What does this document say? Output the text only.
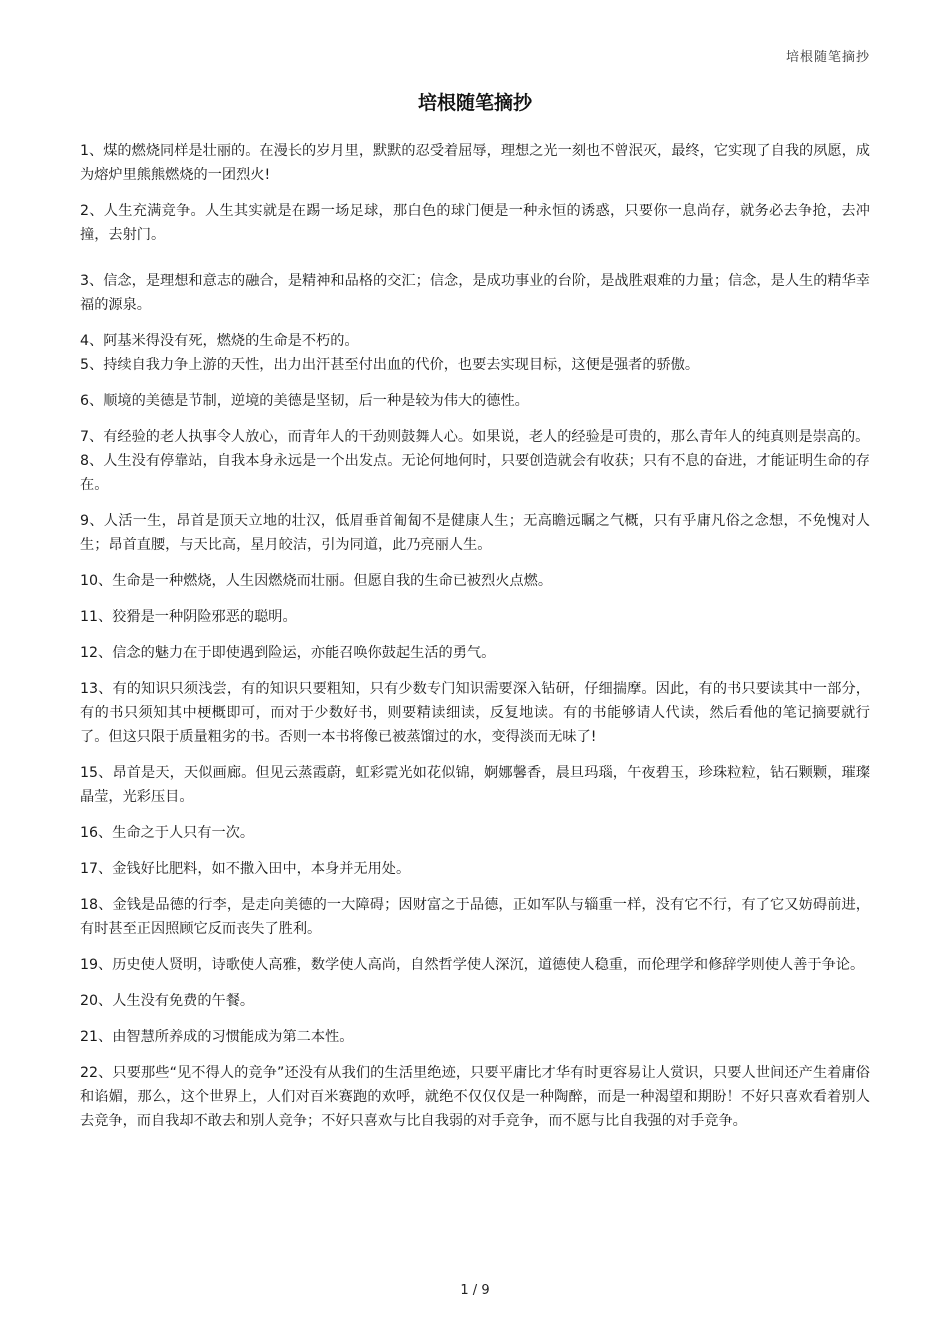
培根随笔摘抄
培根随笔摘抄

1、煤的燃烧同样是壮丽的。在漫长的岁月里，默默的忍受着屈辱，理想之光一刻也不曾泯灭，最终，它实现了自我的夙愿，成为熔炉里熊熊燃烧的一团烈火!

2、人生充满竞争。人生其实就是在踢一场足球，那白色的球门便是一种永恒的诱惑，只要你一息尚存，就务必去争抢，去冲撞，去射门。

3、信念，是理想和意志的融合，是精神和品格的交汇；信念，是成功事业的台阶，是战胜艰难的力量；信念，是人生的精华幸福的源泉。

4、阿基米得没有死，燃烧的生命是不朽的。

5、持续自我力争上游的天性，出力出汗甚至付出血的代价，也要去实现目标，这便是强者的骄傲。

6、顺境的美德是节制，逆境的美德是坚韧，后一种是较为伟大的德性。

7、有经验的老人执事令人放心，而青年人的干劲则鼓舞人心。如果说，老人的经验是可贵的，那么青年人的纯真则是崇高的。

8、人生没有停靠站，自我本身永远是一个出发点。无论何地何时，只要创造就会有收获；只有不息的奋进，才能证明生命的存在。

9、人活一生，昂首是顶天立地的壮汉，低眉垂首匍匐不是健康人生；无高瞻远瞩之气概，只有乎庸凡俗之念想，不免愧对人生；昂首直腰，与天比高，星月皎洁，引为同道，此乃亮丽人生。

10、生命是一种燃烧，人生因燃烧而壮丽。但愿自我的生命已被烈火点燃。

11、狡猾是一种阴险邪恶的聪明。

12、信念的魅力在于即使遇到险运，亦能召唤你鼓起生活的勇气。

13、有的知识只须浅尝，有的知识只要粗知，只有少数专门知识需要深入钻研，仔细揣摩。因此，有的书只要读其中一部分，有的书只须知其中梗概即可，而对于少数好书，则要精读细读，反复地读。有的书能够请人代读，然后看他的笔记摘要就行了。但这只限于质量粗劣的书。否则一本书将像已被蒸馏过的水，变得淡而无味了!

15、昂首是天，天似画廊。但见云蒸霞蔚，虹彩霓光如花似锦，婀娜馨香，晨旦玛瑙，午夜碧玉，珍珠粒粒，钻石颗颗，璀璨晶莹，光彩压目。

16、生命之于人只有一次。

17、金钱好比肥料，如不撒入田中，本身并无用处。

18、金钱是品德的行李，是走向美德的一大障碍；因财富之于品德，正如军队与辎重一样，没有它不行，有了它又妨碍前进，有时甚至正因照顾它反而丧失了胜利。

19、历史使人贤明，诗歌使人高雅，数学使人高尚，自然哲学使人深沉，道德使人稳重，而伦理学和修辞学则使人善于争论。

20、人生没有免费的午餐。

21、由智慧所养成的习惯能成为第二本性。

22、只要那些“见不得人的竞争”还没有从我们的生活里绝迹，只要平庸比才华有时更容易让人赏识，只要人世间还产生着庸俗和谄媚，那么，这个世界上，人们对百米赛跑的欢呼，就绝不仅仅仅是一种陶醉，而是一种渴望和期盼！不好只喜欢看着别人去竞争，而自我却不敢去和别人竞争；不好只喜欢与比自我弱的对手竞争，而不愿与比自我强的对手竞争。

1 / 9
